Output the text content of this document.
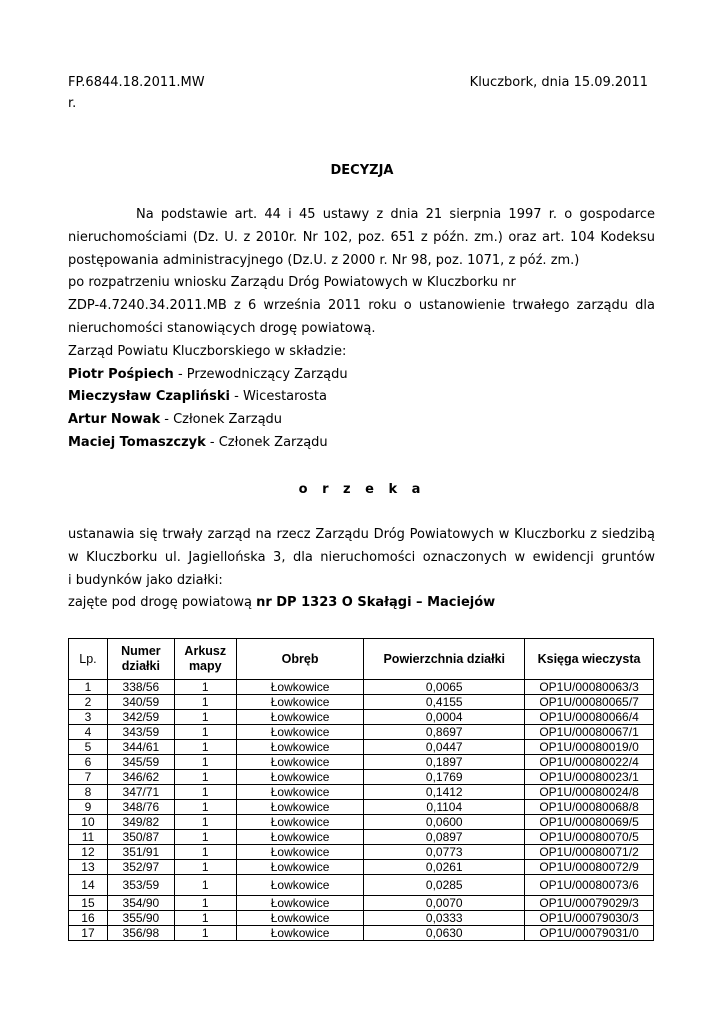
FP.6844.18.2011.MW	Kluczbork, dnia 15.09.2011
r.
DECYZJA
Na podstawie art. 44 i 45 ustawy z dnia 21 sierpnia 1997 r. o gospodarce
nieruchomościami (Dz. U. z 2010r. Nr 102, poz. 651 z późn. zm.) oraz art. 104 Kodeksu
postępowania administracyjnego (Dz.U. z 2000 r. Nr 98, poz. 1071, z póź. zm.)
po rozpatrzeniu wniosku Zarządu Dróg Powiatowych w Kluczborku nr
ZDP-4.7240.34.2011.MB z 6 września 2011 roku o ustanowienie trwałego zarządu dla
nieruchomości stanowiących drogę powiatową.
Zarząd Powiatu Kluczborskiego w składzie:
Piotr Pośpiech - Przewodniczący Zarządu
Mieczysław Czapliński - Wicestarosta
Artur Nowak - Członek Zarządu
Maciej Tomaszczyk - Członek Zarządu
o r z e k a
ustanawia się trwały zarząd na rzecz Zarządu Dróg Powiatowych w Kluczborku z siedzibą
w Kluczborku ul. Jagiellońska 3, dla nieruchomości oznaczonych w ewidencji gruntów
i budynków jako działki:
zajęte pod drogę powiatową nr DP 1323 O Skałągi – Maciejów
Lp.	Numer działki	Arkusz mapy	Obręb	Powierzchnia działki	Księga wieczysta
1	338/56	1	Łowkowice	0,0065	OP1U/00080063/3
2	340/59	1	Łowkowice	0,4155	OP1U/00080065/7
3	342/59	1	Łowkowice	0,0004	OP1U/00080066/4
4	343/59	1	Łowkowice	0,8697	OP1U/00080067/1
5	344/61	1	Łowkowice	0,0447	OP1U/00080019/0
6	345/59	1	Łowkowice	0,1897	OP1U/00080022/4
7	346/62	1	Łowkowice	0,1769	OP1U/00080023/1
8	347/71	1	Łowkowice	0,1412	OP1U/00080024/8
9	348/76	1	Łowkowice	0,1104	OP1U/00080068/8
10	349/82	1	Łowkowice	0,0600	OP1U/00080069/5
11	350/87	1	Łowkowice	0,0897	OP1U/00080070/5
12	351/91	1	Łowkowice	0,0773	OP1U/00080071/2
13	352/97	1	Łowkowice	0,0261	OP1U/00080072/9
14	353/59	1	Łowkowice	0,0285	OP1U/00080073/6
15	354/90	1	Łowkowice	0,0070	OP1U/00079029/3
16	355/90	1	Łowkowice	0,0333	OP1U/00079030/3
17	356/98	1	Łowkowice	0,0630	OP1U/00079031/0
